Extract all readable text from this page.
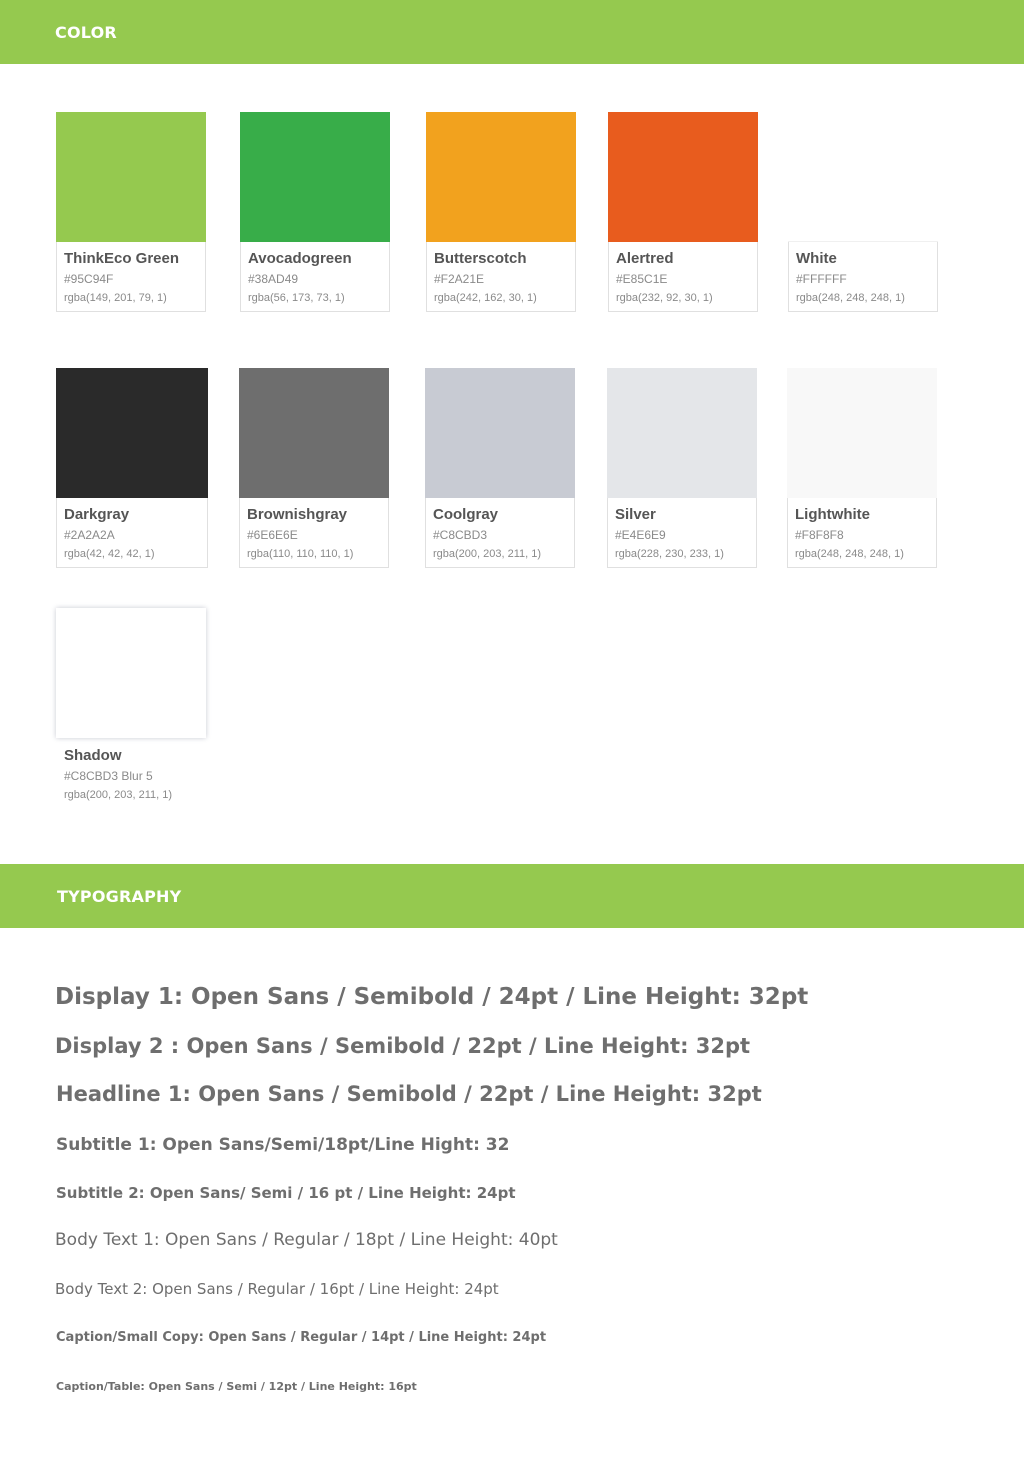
COLOR
ThinkEco Green
#95C94F
rgba(149, 201, 79, 1)
Avocadogreen
#38AD49
rgba(56, 173, 73, 1)
Butterscotch
#F2A21E
rgba(242, 162, 30, 1)
Alertred
#E85C1E
rgba(232, 92, 30, 1)
White
#FFFFFF
rgba(248, 248, 248, 1)
Darkgray
#2A2A2A
rgba(42, 42, 42, 1)
Brownishgray
#6E6E6E
rgba(110, 110, 110, 1)
Coolgray
#C8CBD3
rgba(200, 203, 211, 1)
Silver
#E4E6E9
rgba(228, 230, 233, 1)
Lightwhite
#F8F8F8
rgba(248, 248, 248, 1)
Shadow
#C8CBD3 Blur 5
rgba(200, 203, 211, 1)
TYPOGRAPHY
Display 1: Open Sans / Semibold / 24pt / Line Height: 32pt
Display 2 : Open Sans / Semibold / 22pt / Line Height: 32pt
Headline 1: Open Sans / Semibold / 22pt / Line Height: 32pt
Subtitle 1: Open Sans/Semi/18pt/Line Hight: 32
Subtitle 2: Open Sans/ Semi / 16 pt / Line Height: 24pt
Body Text 1: Open Sans / Regular / 18pt / Line Height: 40pt
Body Text 2: Open Sans / Regular / 16pt / Line Height: 24pt
Caption/Small Copy: Open Sans / Regular / 14pt / Line Height: 24pt
Caption/Table: Open Sans / Semi / 12pt / Line Height: 16pt
